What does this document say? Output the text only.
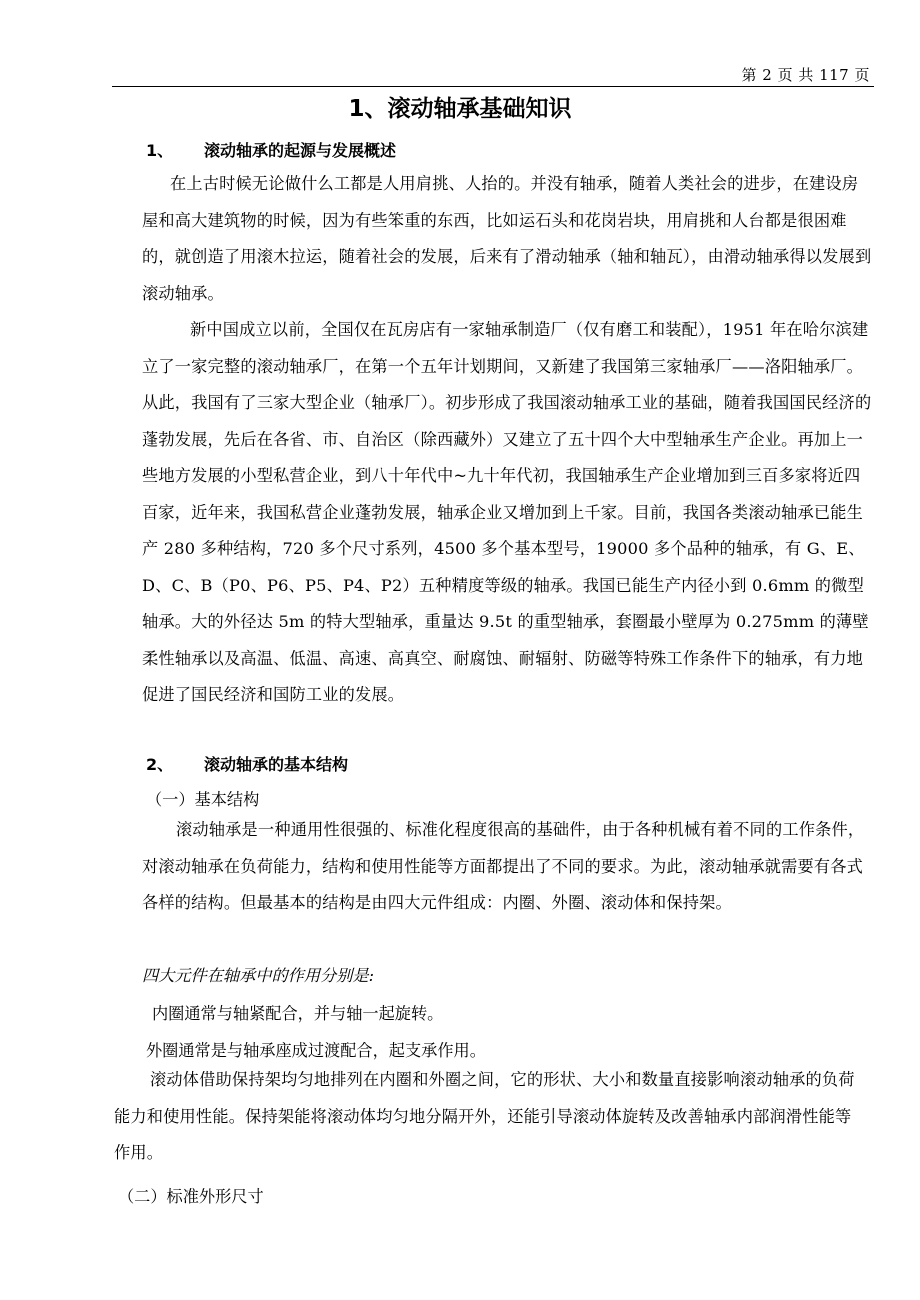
第 2 页 共 117 页
1、滚动轴承基础知识
1、 滚动轴承的起源与发展概述

在上古时候无论做什么工都是人用肩挑、人抬的。并没有轴承，随着人类社会的进步，在建设房屋和高大建筑物的时候，因为有些笨重的东西，比如运石头和花岗岩块，用肩挑和人台都是很困难的，就创造了用滚木拉运，随着社会的发展，后来有了滑动轴承（轴和轴瓦），由滑动轴承得以发展到滚动轴承。

新中国成立以前，全国仅在瓦房店有一家轴承制造厂（仅有磨工和装配），1951 年在哈尔滨建立了一家完整的滚动轴承厂，在第一个五年计划期间，又新建了我国第三家轴承厂——洛阳轴承厂。从此，我国有了三家大型企业（轴承厂）。初步形成了我国滚动轴承工业的基础，随着我国国民经济的蓬勃发展，先后在各省、市、自治区（除西藏外）又建立了五十四个大中型轴承生产企业。再加上一些地方发展的小型私营企业，到八十年代中~九十年代初，我国轴承生产企业增加到三百多家将近四百家，近年来，我国私营企业蓬勃发展，轴承企业又增加到上千家。目前，我国各类滚动轴承已能生产 280 多种结构，720 多个尺寸系列，4500 多个基本型号，19000 多个品种的轴承，有 G、E、D、C、B（P0、P6、P5、P4、P2）五种精度等级的轴承。我国已能生产内径小到 0.6mm 的微型轴承。大的外径达 5m 的特大型轴承，重量达 9.5t 的重型轴承，套圈最小壁厚为 0.275mm 的薄壁柔性轴承以及高温、低温、高速、高真空、耐腐蚀、耐辐射、防磁等特殊工作条件下的轴承，有力地促进了国民经济和国防工业的发展。

2、 滚动轴承的基本结构
（一）基本结构

滚动轴承是一种通用性很强的、标准化程度很高的基础件，由于各种机械有着不同的工作条件，对滚动轴承在负荷能力，结构和使用性能等方面都提出了不同的要求。为此，滚动轴承就需要有各式各样的结构。但最基本的结构是由四大元件组成：内圈、外圈、滚动体和保持架。

四大元件在轴承中的作用分别是:
内圈通常与轴紧配合，并与轴一起旋转。
外圈通常是与轴承座成过渡配合，起支承作用。

滚动体借助保持架均匀地排列在内圈和外圈之间，它的形状、大小和数量直接影响滚动轴承的负荷能力和使用性能。保持架能将滚动体均匀地分隔开外，还能引导滚动体旋转及改善轴承内部润滑性能等作用。

（二）标准外形尺寸
